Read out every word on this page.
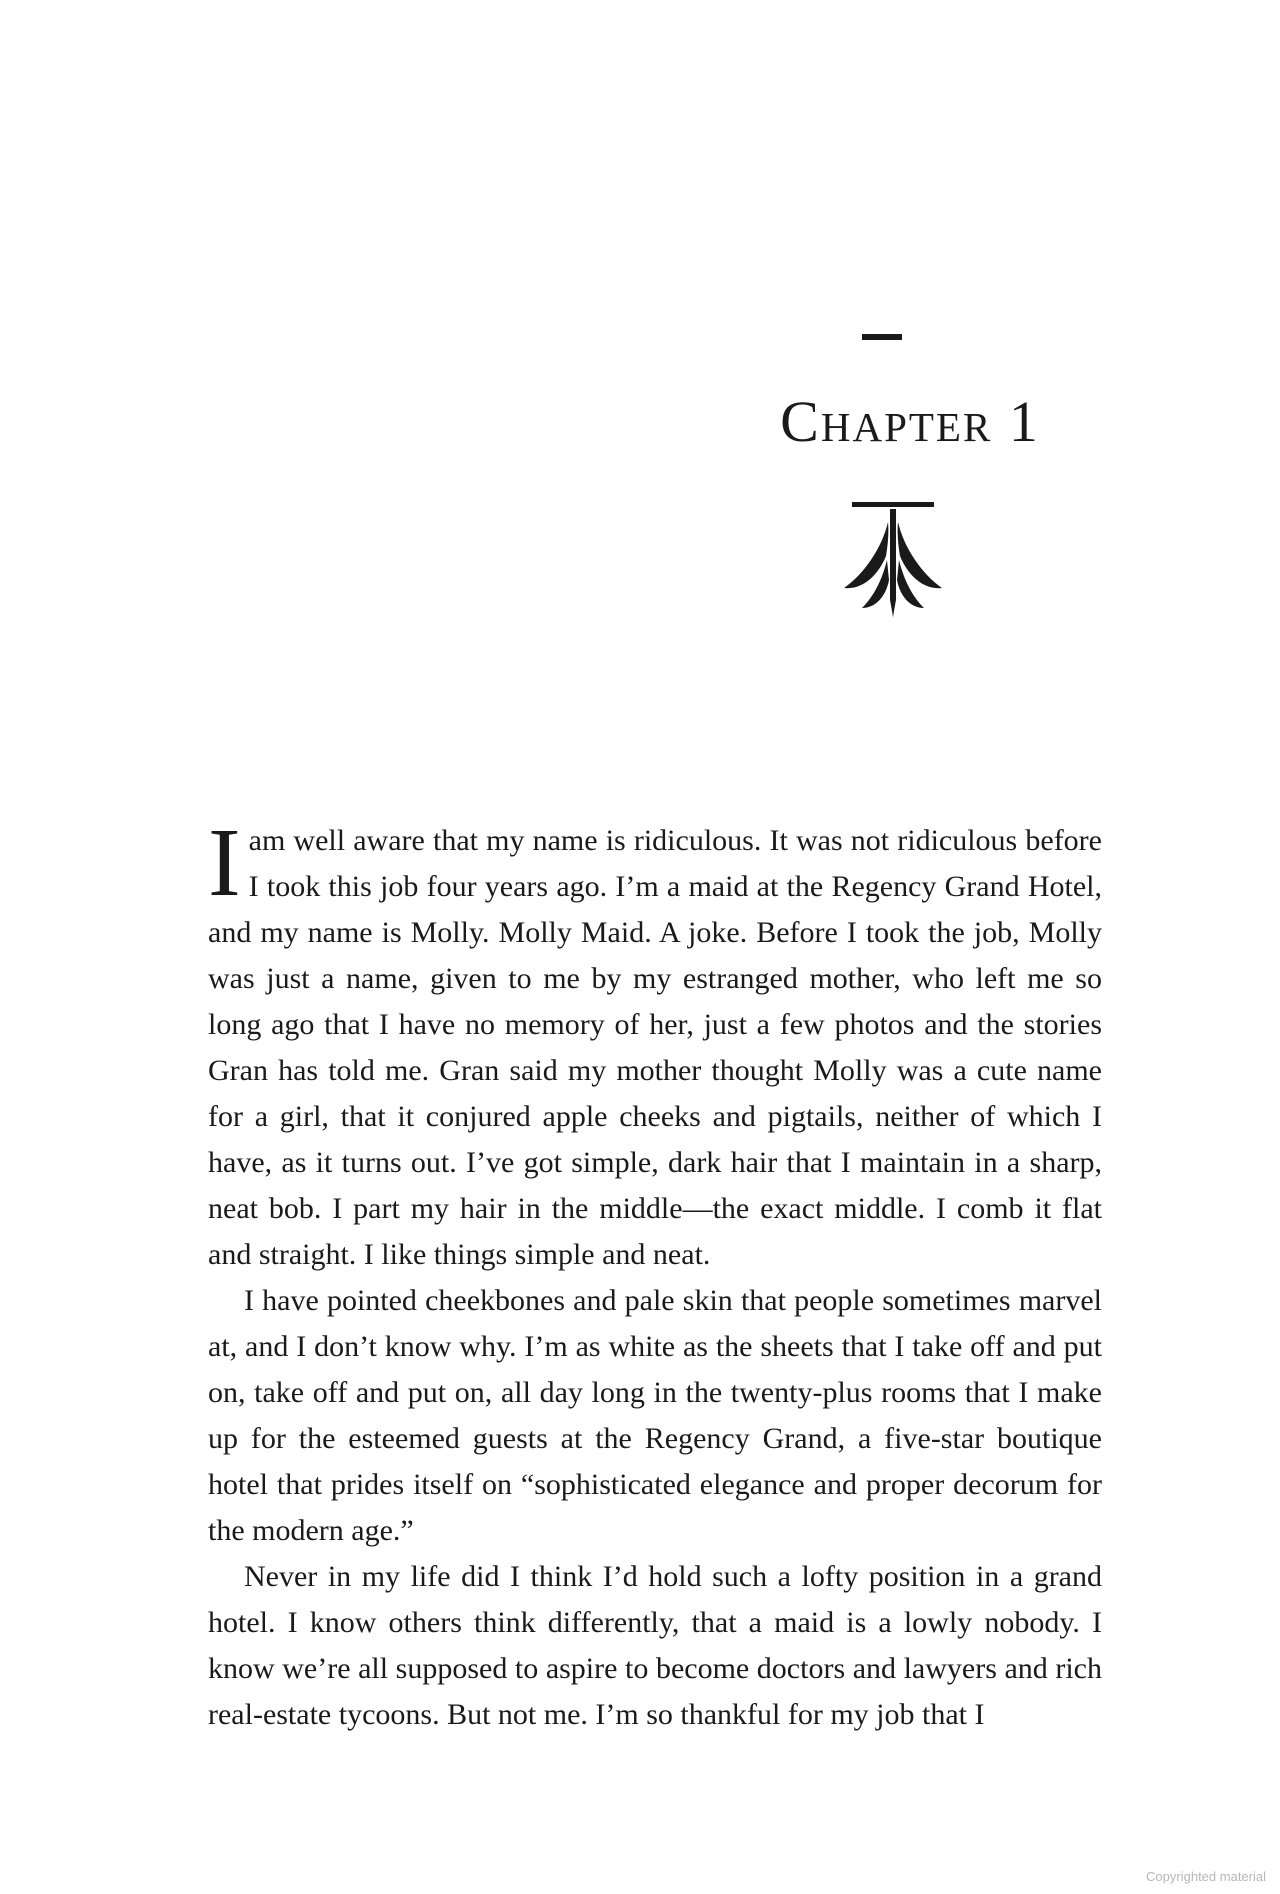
Chapter 1

I am well aware that my name is ridiculous. It was not ridiculous before I took this job four years ago. I’m a maid at the Regency Grand Hotel, and my name is Molly. Molly Maid. A joke. Before I took the job, Molly was just a name, given to me by my estranged mother, who left me so long ago that I have no memory of her, just a few photos and the stories Gran has told me. Gran said my mother thought Molly was a cute name for a girl, that it conjured apple cheeks and pigtails, neither of which I have, as it turns out. I’ve got simple, dark hair that I maintain in a sharp, neat bob. I part my hair in the middle—the exact middle. I comb it flat and straight. I like things simple and neat.

I have pointed cheekbones and pale skin that people sometimes marvel at, and I don’t know why. I’m as white as the sheets that I take off and put on, take off and put on, all day long in the twenty-plus rooms that I make up for the esteemed guests at the Regency Grand, a five-star boutique hotel that prides itself on “sophisticated elegance and proper decorum for the modern age.”

Never in my life did I think I’d hold such a lofty position in a grand hotel. I know others think differently, that a maid is a lowly nobody. I know we’re all supposed to aspire to become doctors and lawyers and rich real-estate tycoons. But not me. I’m so thankful for my job that I

Copyrighted material
